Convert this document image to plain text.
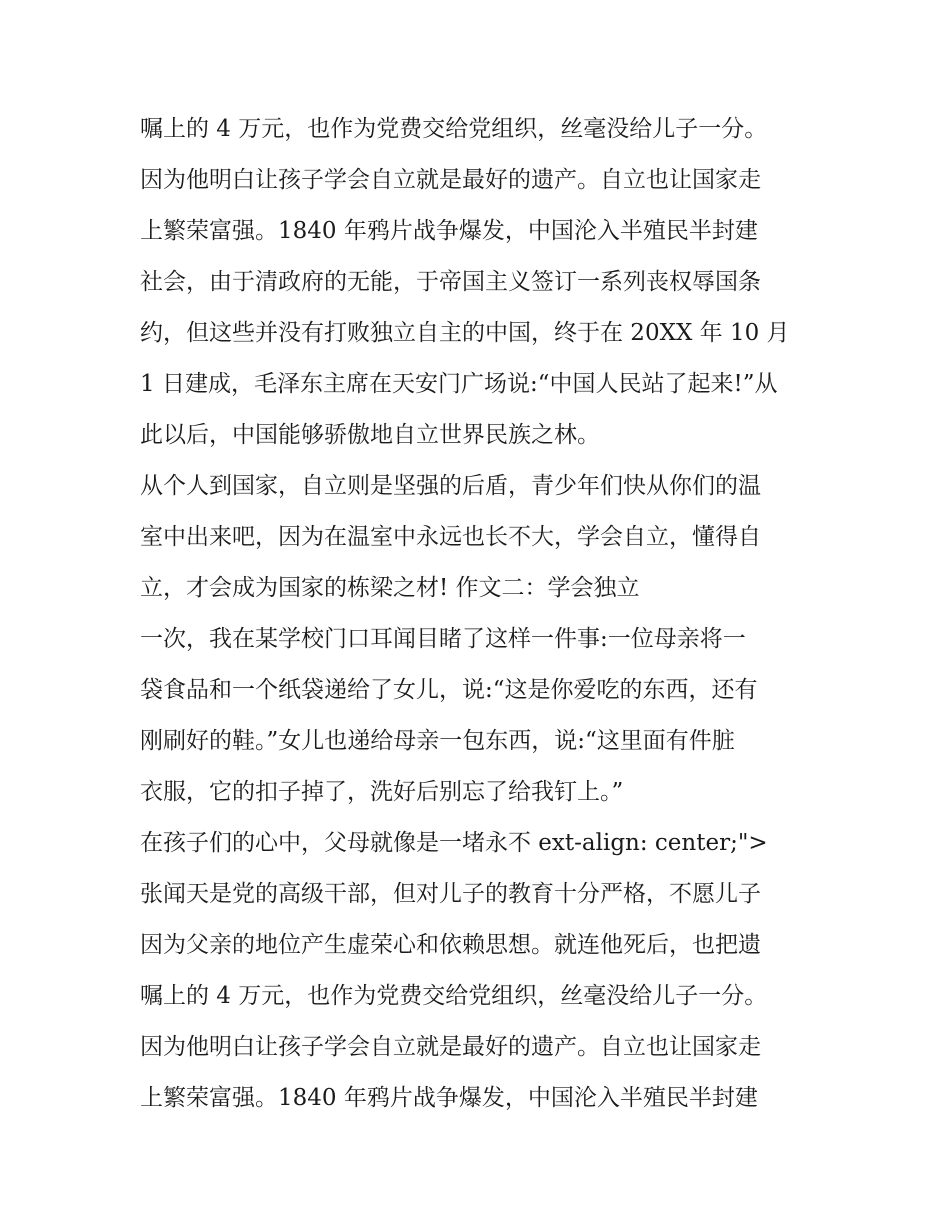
嘱上的 4 万元，也作为党费交给党组织，丝毫没给儿子一分。
因为他明白让孩子学会自立就是最好的遗产。自立也让国家走
上繁荣富强。1840 年鸦片战争爆发，中国沦入半殖民半封建
社会，由于清政府的无能，于帝国主义签订一系列丧权辱国条
约，但这些并没有打败独立自主的中国，终于在 20XX 年 10 月
1 日建成，毛泽东主席在天安门广场说:“中国人民站了起来!”从
此以后，中国能够骄傲地自立世界民族之林。
从个人到国家，自立则是坚强的后盾，青少年们快从你们的温
室中出来吧，因为在温室中永远也长不大，学会自立，懂得自
立，才会成为国家的栋梁之材! 作文二：学会独立
一次，我在某学校门口耳闻目睹了这样一件事:一位母亲将一
袋食品和一个纸袋递给了女儿，说:“这是你爱吃的东西，还有
刚刷好的鞋。”女儿也递给母亲一包东西，说:“这里面有件脏
衣服，它的扣子掉了，洗好后别忘了给我钉上。”
在孩子们的心中，父母就像是一堵永不 ext-align: center;">
张闻天是党的高级干部，但对儿子的教育十分严格，不愿儿子
因为父亲的地位产生虚荣心和依赖思想。就连他死后，也把遗
嘱上的 4 万元，也作为党费交给党组织，丝毫没给儿子一分。
因为他明白让孩子学会自立就是最好的遗产。自立也让国家走
上繁荣富强。1840 年鸦片战争爆发，中国沦入半殖民半封建
